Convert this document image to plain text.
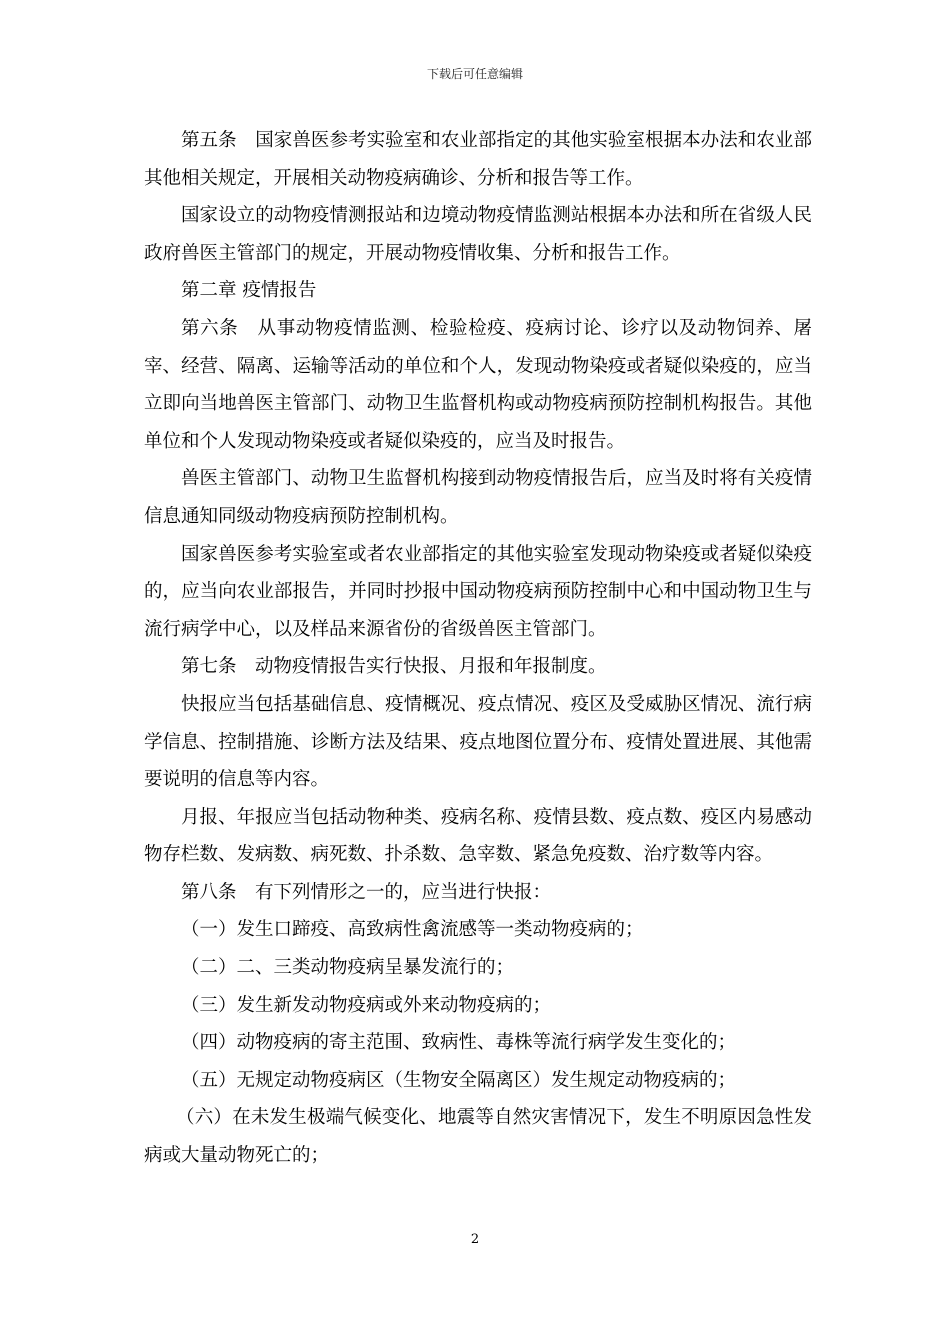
下载后可任意编辑

第五条　国家兽医参考实验室和农业部指定的其他实验室根据本办法和农业部其他相关规定，开展相关动物疫病确诊、分析和报告等工作。

国家设立的动物疫情测报站和边境动物疫情监测站根据本办法和所在省级人民政府兽医主管部门的规定，开展动物疫情收集、分析和报告工作。

第二章 疫情报告

第六条　从事动物疫情监测、检验检疫、疫病讨论、诊疗以及动物饲养、屠宰、经营、隔离、运输等活动的单位和个人，发现动物染疫或者疑似染疫的，应当立即向当地兽医主管部门、动物卫生监督机构或动物疫病预防控制机构报告。其他单位和个人发现动物染疫或者疑似染疫的，应当及时报告。

兽医主管部门、动物卫生监督机构接到动物疫情报告后，应当及时将有关疫情信息通知同级动物疫病预防控制机构。

国家兽医参考实验室或者农业部指定的其他实验室发现动物染疫或者疑似染疫的，应当向农业部报告，并同时抄报中国动物疫病预防控制中心和中国动物卫生与流行病学中心，以及样品来源省份的省级兽医主管部门。

第七条　动物疫情报告实行快报、月报和年报制度。

快报应当包括基础信息、疫情概况、疫点情况、疫区及受威胁区情况、流行病学信息、控制措施、诊断方法及结果、疫点地图位置分布、疫情处置进展、其他需要说明的信息等内容。

月报、年报应当包括动物种类、疫病名称、疫情县数、疫点数、疫区内易感动物存栏数、发病数、病死数、扑杀数、急宰数、紧急免疫数、治疗数等内容。

第八条　有下列情形之一的，应当进行快报：

（一）发生口蹄疫、高致病性禽流感等一类动物疫病的；

（二）二、三类动物疫病呈暴发流行的；

（三）发生新发动物疫病或外来动物疫病的；

（四）动物疫病的寄主范围、致病性、毒株等流行病学发生变化的；

（五）无规定动物疫病区（生物安全隔离区）发生规定动物疫病的；

（六）在未发生极端气候变化、地震等自然灾害情况下，发生不明原因急性发病或大量动物死亡的；

2
